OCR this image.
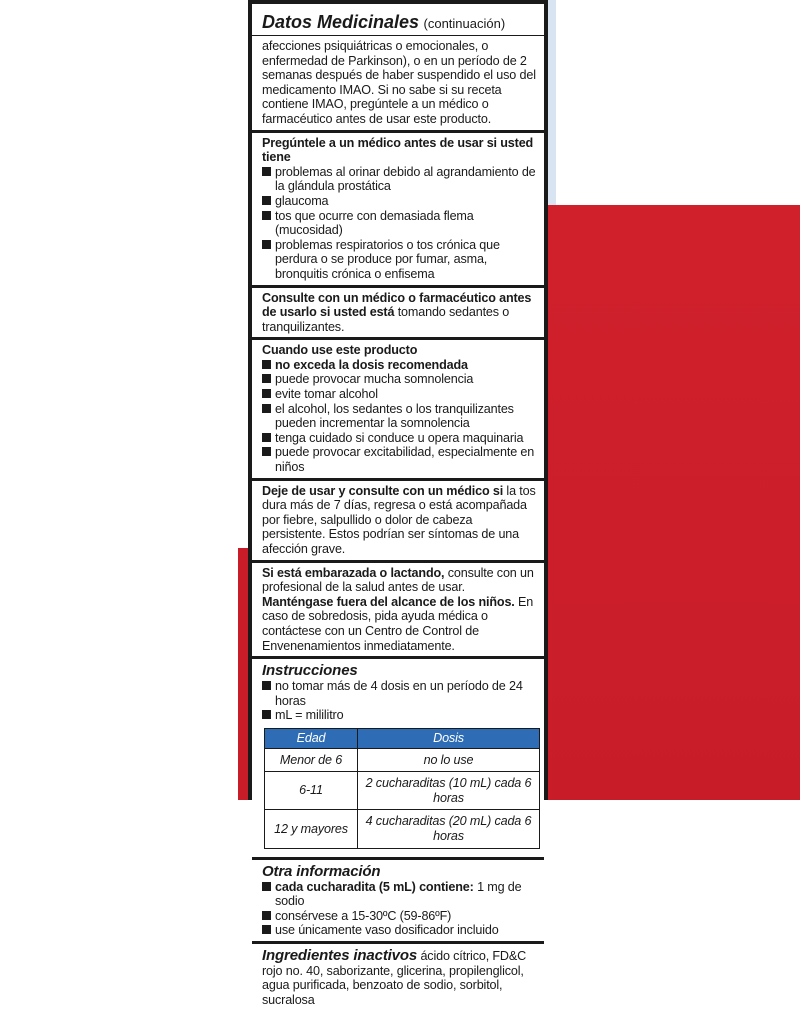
Datos Medicinales (continuación)
afecciones psiquiátricas o emocionales, o enfermedad de Parkinson), o en un período de 2 semanas después de haber suspendido el uso del medicamento IMAO. Si no sabe si su receta contiene IMAO, pregúntele a un médico o farmacéutico antes de usar este producto.
Pregúntele a un médico antes de usar si usted tiene
problemas al orinar debido al agrandamiento de la glándula prostática
glaucoma
tos que ocurre con demasiada flema (mucosidad)
problemas respiratorios o tos crónica que perdura o se produce por fumar, asma, bronquitis crónica o enfisema
Consulte con un médico o farmacéutico antes de usarlo si usted está tomando sedantes o tranquilizantes.
Cuando use este producto
no exceda la dosis recomendada
puede provocar mucha somnolencia
evite tomar alcohol
el alcohol, los sedantes o los tranquilizantes pueden incrementar la somnolencia
tenga cuidado si conduce u opera maquinaria
puede provocar excitabilidad, especialmente en niños
Deje de usar y consulte con un médico si la tos dura más de 7 días, regresa o está acompañada por fiebre, salpullido o dolor de cabeza persistente. Estos podrían ser síntomas de una afección grave.
Si está embarazada o lactando, consulte con un profesional de la salud antes de usar. Manténgase fuera del alcance de los niños. En caso de sobredosis, pida ayuda médica o contáctese con un Centro de Control de Envenenamientos inmediatamente.
Instrucciones
no tomar más de 4 dosis en un período de 24 horas
mL = mililitro
Edad	Dosis
Menor de 6	no lo use
6-11	2 cucharaditas (10 mL) cada 6 horas
12 y mayores	4 cucharaditas (20 mL) cada 6 horas
Otra información
cada cucharadita (5 mL) contiene: 1 mg de sodio
consérvese a 15-30ºC (59-86ºF)
use únicamente vaso dosificador incluido
Ingredientes inactivos ácido cítrico, FD&C rojo no. 40, saborizante, glicerina, propilenglicol, agua purificada, benzoato de sodio, sorbitol, sucralosa
